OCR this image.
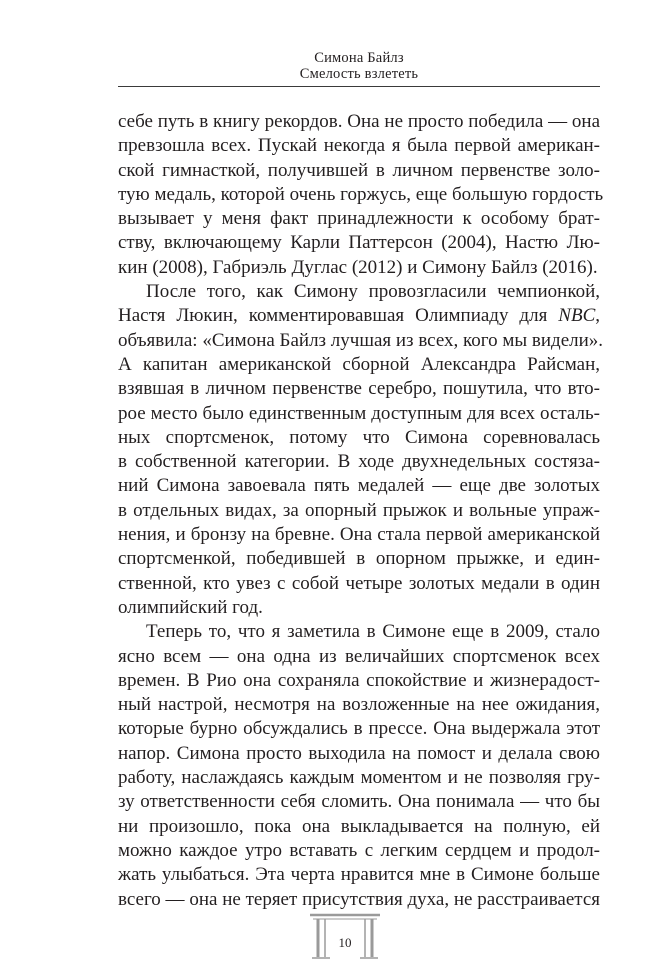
Симона Байлз
Смелость взлететь
себе путь в книгу рекордов. Она не просто победила — она
превзошла всех. Пускай некогда я была первой американ-
ской гимнасткой, получившей в личном первенстве золо-
тую медаль, которой очень горжусь, еще большую гордость
вызывает у меня факт принадлежности к особому брат-
ству, включающему Карли Паттерсон (2004), Настю Лю-
кин (2008), Габриэль Дуглас (2012) и Симону Байлз (2016).
После того, как Симону провозгласили чемпионкой,
Настя Люкин, комментировавшая Олимпиаду для NBC,
объявила: «Симона Байлз лучшая из всех, кого мы видели».
А капитан американской сборной Александра Райсман,
взявшая в личном первенстве серебро, пошутила, что вто-
рое место было единственным доступным для всех осталь-
ных спортсменок, потому что Симона соревновалась
в собственной категории. В ходе двухнедельных состяза-
ний Симона завоевала пять медалей — еще две золотых
в отдельных видах, за опорный прыжок и вольные упраж-
нения, и бронзу на бревне. Она стала первой американской
спортсменкой, победившей в опорном прыжке, и един-
ственной, кто увез с собой четыре золотых медали в один
олимпийский год.
Теперь то, что я заметила в Симоне еще в 2009, стало
ясно всем — она одна из величайших спортсменок всех
времен. В Рио она сохраняла спокойствие и жизнерадост-
ный настрой, несмотря на возложенные на нее ожидания,
которые бурно обсуждались в прессе. Она выдержала этот
напор. Симона просто выходила на помост и делала свою
работу, наслаждаясь каждым моментом и не позволяя гру-
зу ответственности себя сломить. Она понимала — что бы
ни произошло, пока она выкладывается на полную, ей
можно каждое утро вставать с легким сердцем и продол-
жать улыбаться. Эта черта нравится мне в Симоне больше
всего — она не теряет присутствия духа, не расстраивается
10
